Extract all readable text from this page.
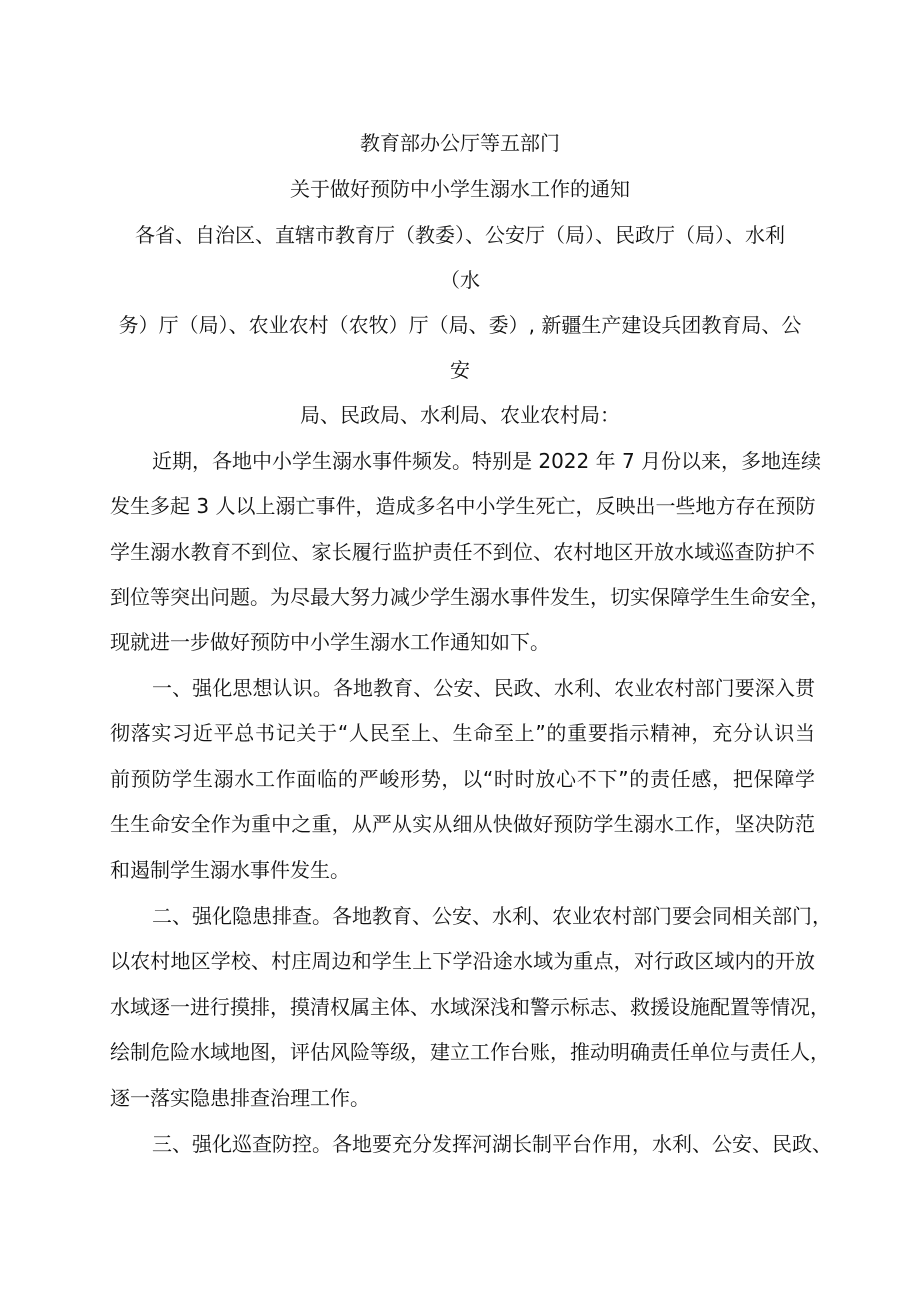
教育部办公厅等五部门

关于做好预防中小学生溺水工作的通知

各省、自治区、直辖市教育厅（教委）、公安厅（局）、民政厅（局）、水利

（水

务）厅（局）、农业农村（农牧）厅（局、委）, 新疆生产建设兵团教育局、公

安

局、民政局、水利局、农业农村局：

近期，各地中小学生溺水事件频发。特别是 2022 年 7 月份以来，多地连续

发生多起 3 人以上溺亡事件，造成多名中小学生死亡，反映出一些地方存在预防

学生溺水教育不到位、家长履行监护责任不到位、农村地区开放水域巡查防护不

到位等突出问题。为尽最大努力减少学生溺水事件发生，切实保障学生生命安全，

现就进一步做好预防中小学生溺水工作通知如下。

一、强化思想认识。各地教育、公安、民政、水利、农业农村部门要深入贯

彻落实习近平总书记关于“人民至上、生命至上”的重要指示精神，充分认识当

前预防学生溺水工作面临的严峻形势，以“时时放心不下”的责任感，把保障学

生生命安全作为重中之重，从严从实从细从快做好预防学生溺水工作，坚决防范

和遏制学生溺水事件发生。

二、强化隐患排查。各地教育、公安、水利、农业农村部门要会同相关部门，

以农村地区学校、村庄周边和学生上下学沿途水域为重点，对行政区域内的开放

水域逐一进行摸排，摸清权属主体、水域深浅和警示标志、救援设施配置等情况，

绘制危险水域地图，评估风险等级，建立工作台账，推动明确责任单位与责任人，

逐一落实隐患排查治理工作。

三、强化巡查防控。各地要充分发挥河湖长制平台作用，水利、公安、民政、
